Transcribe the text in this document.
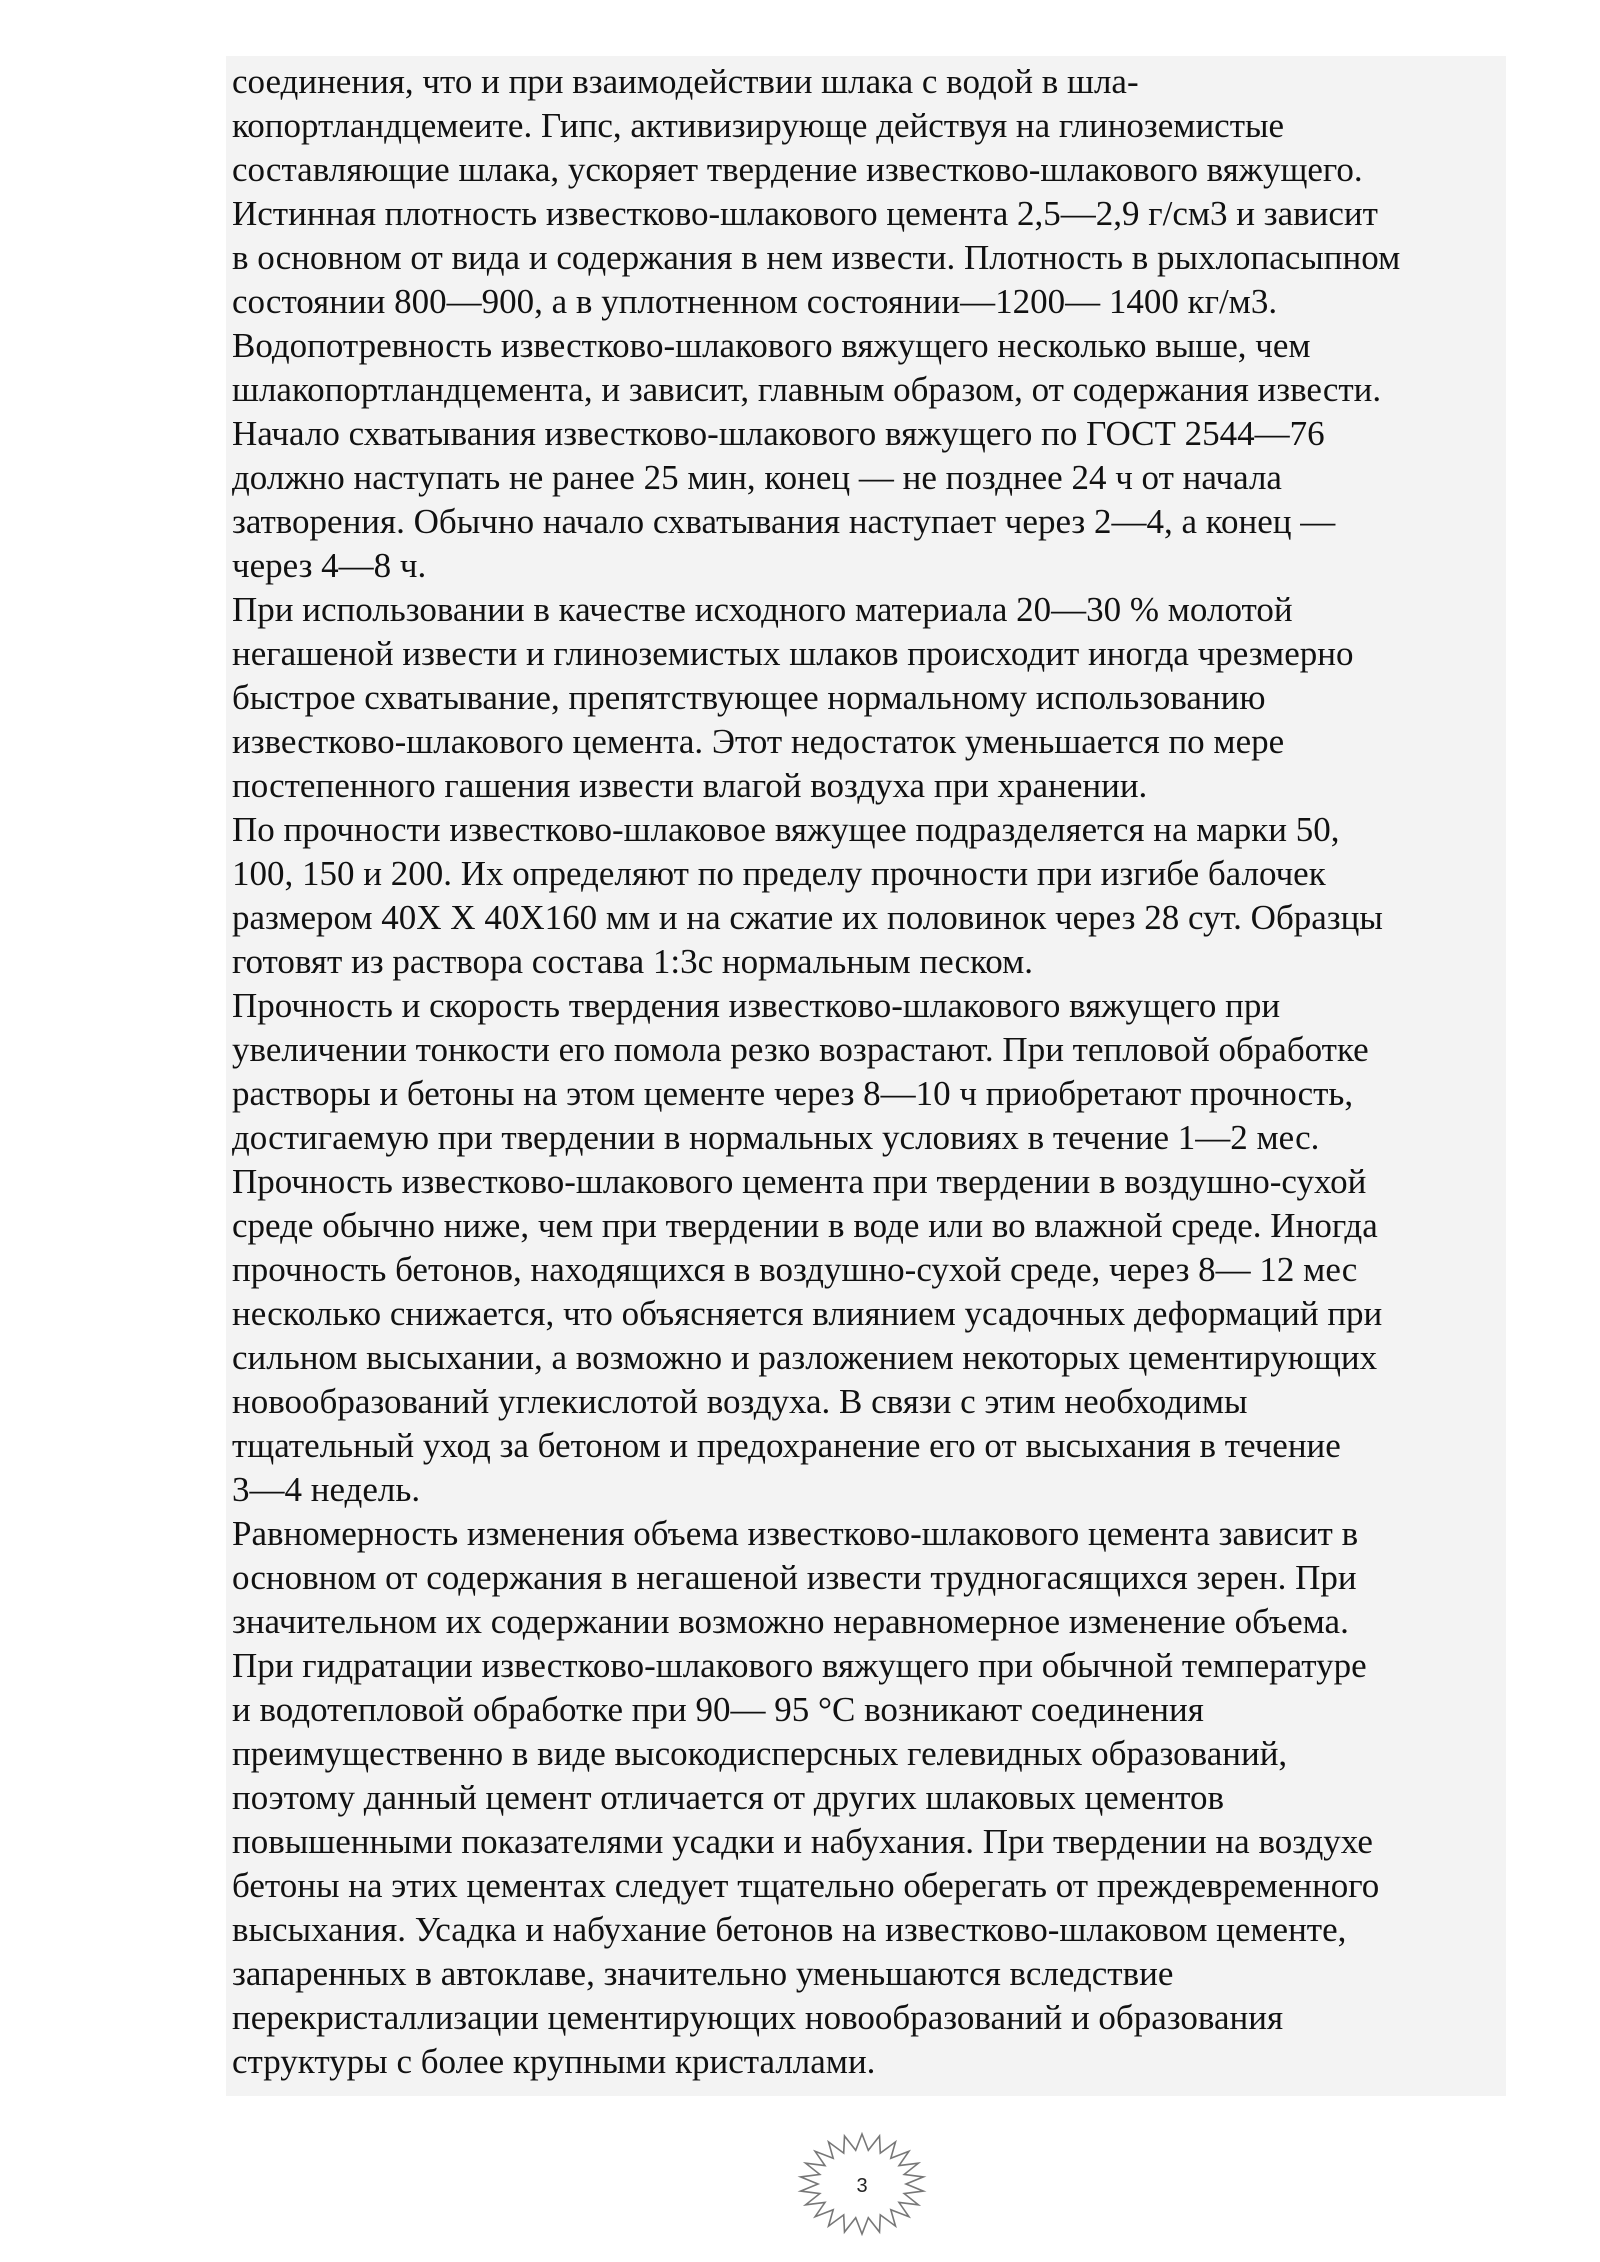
соединения, что и при взаимодействии шлака с водой в шла-
копортландцемеите. Гипс, активизирующе действуя на глиноземистые
составляющие шлака, ускоряет твердение известково-шлакового вяжущего.
Истинная плотность известково-шлакового цемента 2,5—2,9 г/см3 и зависит
в основном от вида и содержания в нем извести. Плотность в рыхлопасыпном
состоянии 800—900, а в уплотненном состоянии—1200— 1400 кг/м3.
Водопотревность известково-шлакового вяжущего несколько выше, чем
шлакопортландцемента, и зависит, главным образом, от содержания извести.
Начало схватывания известково-шлакового вяжущего по ГОСТ 2544—76
должно наступать не ранее 25 мин, конец — не позднее 24 ч от начала
затворения. Обычно начало схватывания наступает через 2—4, а конец —
через 4—8 ч.
При использовании в качестве исходного материала 20—30 % молотой
негашеной извести и глиноземистых шлаков происходит иногда чрезмерно
быстрое схватывание, препятствующее нормальному использованию
известково-шлакового цемента. Этот недостаток уменьшается по мере
постепенного гашения извести влагой воздуха при хранении.
По прочности известково-шлаковое вяжущее подразделяется на марки 50,
100, 150 и 200. Их определяют по пределу прочности при изгибе балочек
размером 40Х Х 40Х160 мм и на сжатие их половинок через 28 сут. Образцы
готовят из раствора состава 1:3с нормальным песком.
Прочность и скорость твердения известково-шлакового вяжущего при
увеличении тонкости его помола резко возрастают. При тепловой обработке
растворы и бетоны на этом цементе через 8—10 ч приобретают прочность,
достигаемую при твердении в нормальных условиях в течение 1—2 мес.
Прочность известково-шлакового цемента при твердении в воздушно-сухой
среде обычно ниже, чем при твердении в воде или во влажной среде. Иногда
прочность бетонов, находящихся в воздушно-сухой среде, через 8— 12 мес
несколько снижается, что объясняется влиянием усадочных деформаций при
сильном высыхании, а возможно и разложением некоторых цементирующих
новообразований углекислотой воздуха. В связи с этим необходимы
тщательный уход за бетоном и предохранение его от высыхания в течение
3—4 недель.
Равномерность изменения объема известково-шлакового цемента зависит в
основном от содержания в негашеной извести трудногасящихся зерен. При
значительном их содержании возможно неравномерное изменение объема.
При гидратации известково-шлакового вяжущего при обычной температуре
и водотепловой обработке при 90— 95 °С возникают соединения
преимущественно в виде высокодисперсных гелевидных образований,
поэтому данный цемент отличается от других шлаковых цементов
повышенными показателями усадки и набухания. При твердении на воздухе
бетоны на этих цементах следует тщательно оберегать от преждевременного
высыхания. Усадка и набухание бетонов на известково-шлаковом цементе,
запаренных в автоклаве, значительно уменьшаются вследствие
перекристаллизации цементирующих новообразований и образования
структуры с более крупными кристаллами.
3
